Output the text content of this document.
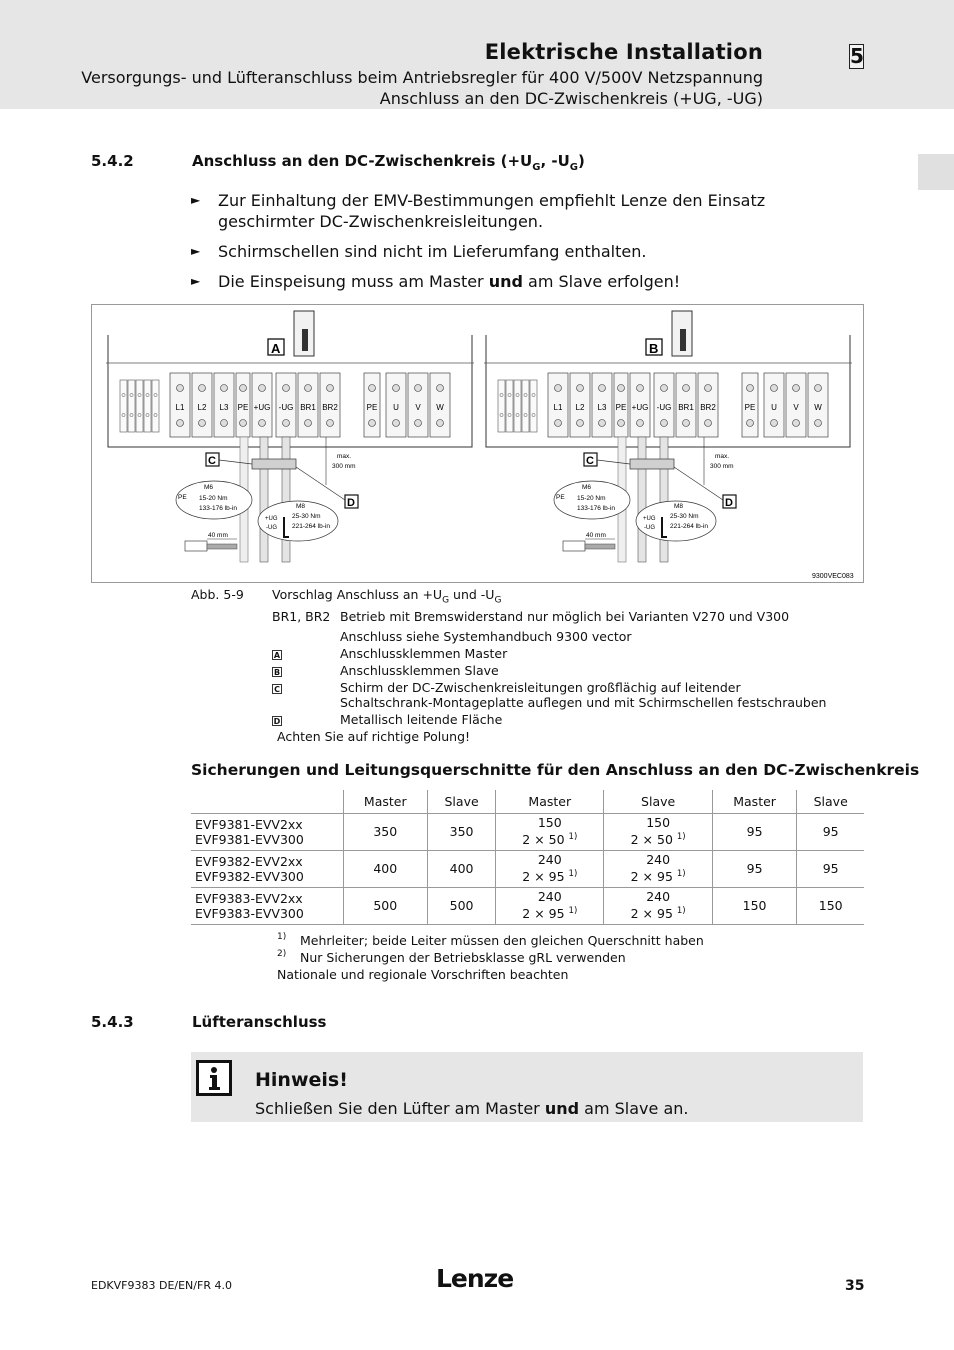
Elektrische Installation
Versorgungs- und Lüfteranschluss beim Antriebsregler für 400 V/500V Netzspannung
Anschluss an den DC-Zwischenkreis (+UG, -UG)
5
5.4.2	Anschluss an den DC-Zwischenkreis ($+U_G$, $-U_G$)
► Zur Einhaltung der EMV-Bestimmungen empfiehlt Lenze den Einsatz geschirmter DC-Zwischenkreisleitungen.
► Schirmschellen sind nicht im Lieferumfang enthalten.
► Die Einspeisung muss am Master und am Slave erfolgen!
A
L1 L2 L3 PE +UG -UG BR1 BR2	PE U V W
C	max.
300 mm
D
M6
PE 15-20 Nm
133-176 lb-in	M8
+UG
-UG
25-30 Nm
221-264 lb-in
40 mm
B
L1 L2 L3 PE +UG -UG BR1 BR2	PE U V W
C	max.
300 mm
D
M6
PE 15-20 Nm
133-176 lb-in	M8
+UG
-UG
25-30 Nm
221-264 lb-in
40 mm
9300VEC083
Abb. 5-9 Vorschlag Anschluss an $+U_G$ und $-U_G$
BR1, BR2 Betrieb mit Bremswiderstand nur möglich bei Varianten V270 und V300
Anschluss siehe Systemhandbuch 9300 vector
A	Anschlussklemmen Master
B	Anschlussklemmen Slave
C	Schirm der DC-Zwischenkreisleitungen großflächig auf leitender
Schaltschrank-Montageplatte auflegen und mit Schirmschellen festschrauben
D	Metallisch leitende Fläche
Achten Sie auf richtige Polung!
Sicherungen und Leitungsquerschnitte für den Anschluss an den DC-Zwischenkreis
	Master	Slave	Master	Slave	Master	Slave
EVF9381-EVV2xx
EVF9381-EVV300	350	350	150
2 × 50 $^{1)}$	150
2 × 50 $^{1)}$	95	95
EVF9382-EVV2xx
EVF9382-EVV300	400	400	240
2 × 95 $^{1)}$	240
2 × 95 $^{1)}$	95	95
EVF9383-EVV2xx
EVF9383-EVV300	500	500	240
2 × 95 $^{1)}$	240
2 × 95 $^{1)}$	150	150
$^{1)}$ Mehrleiter; beide Leiter müssen den gleichen Querschnitt haben
$^{2)}$ Nur Sicherungen der Betriebsklasse gRL verwenden
Nationale und regionale Vorschriften beachten
5.4.3	Lüfteranschluss
Hinweis!
Schließen Sie den Lüfter am Master und am Slave an.
EDKVF9383 DE/EN/FR 4.0	Lenze	35
